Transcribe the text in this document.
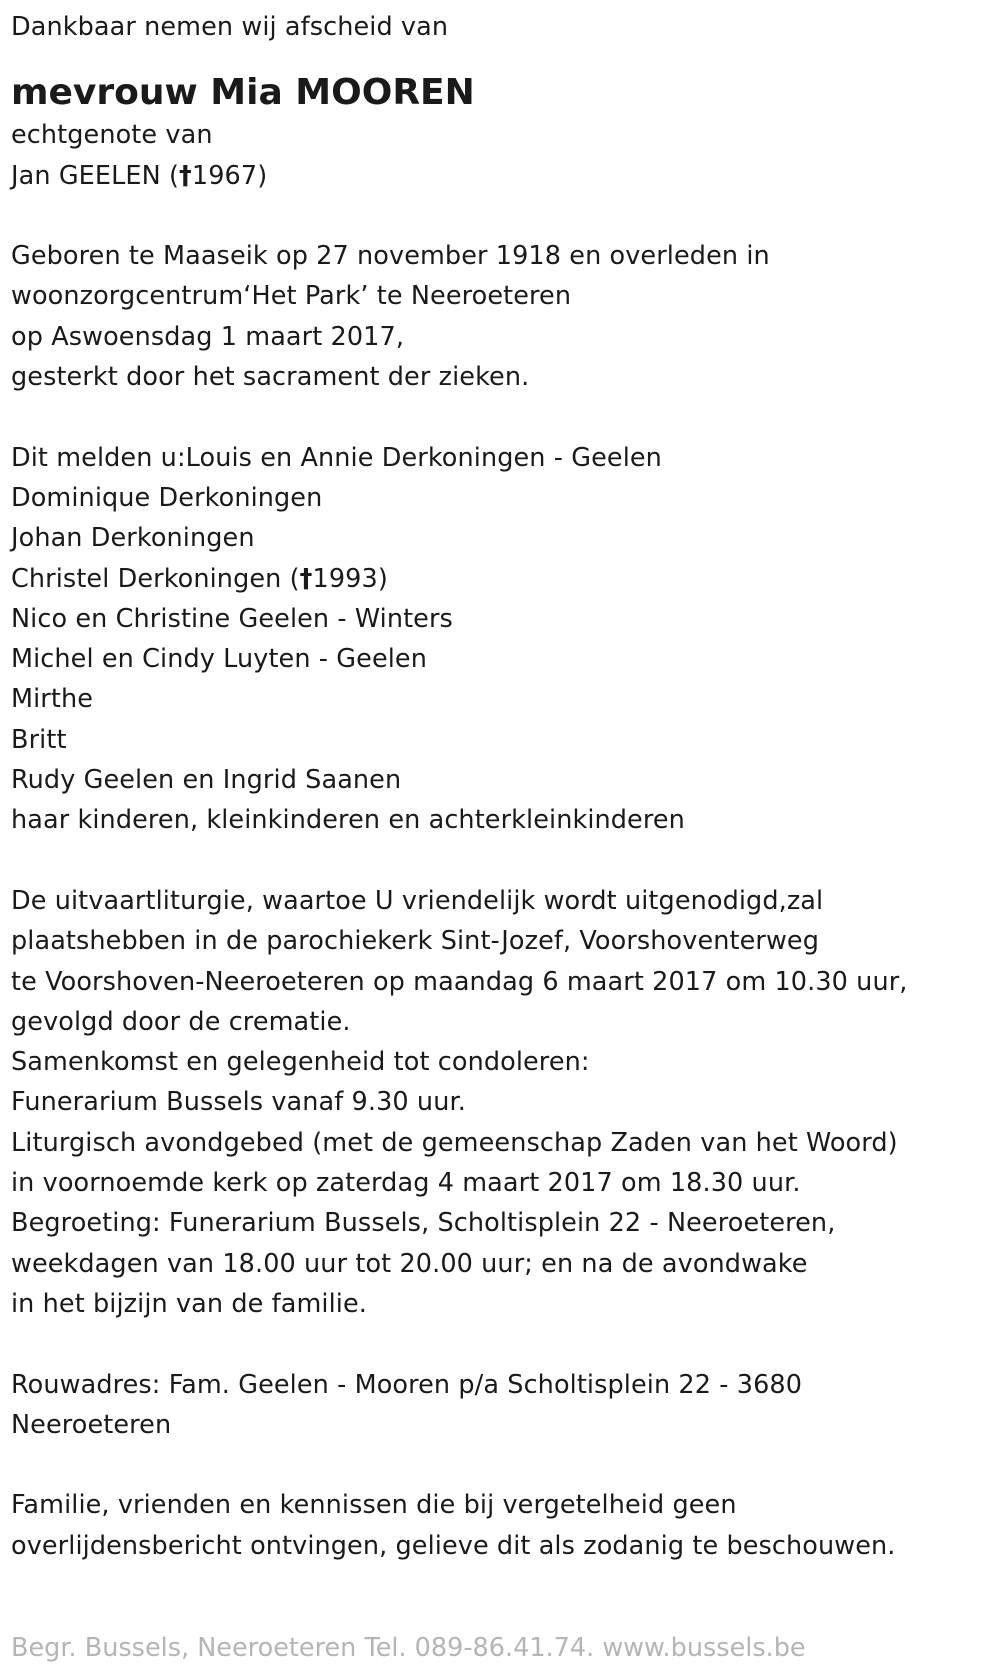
Dankbaar nemen wij afscheid van
mevrouw Mia MOOREN
echtgenote van
Jan GEELEN (†1967)
Geboren te Maaseik op 27 november 1918 en overleden in
woonzorgcentrum‘Het Park’ te Neeroeteren
op Aswoensdag 1 maart 2017,
gesterkt door het sacrament der zieken.
Dit melden u:Louis en Annie Derkoningen - Geelen
Dominique Derkoningen
Johan Derkoningen
Christel Derkoningen (†1993)
Nico en Christine Geelen - Winters
Michel en Cindy Luyten - Geelen
Mirthe
Britt
Rudy Geelen en Ingrid Saanen
haar kinderen, kleinkinderen en achterkleinkinderen
De uitvaartliturgie, waartoe U vriendelijk wordt uitgenodigd,zal
plaatshebben in de parochiekerk Sint-Jozef, Voorshoventerweg
te Voorshoven-Neeroeteren op maandag 6 maart 2017 om 10.30 uur,
gevolgd door de crematie.
Samenkomst en gelegenheid tot condoleren:
Funerarium Bussels vanaf 9.30 uur.
Liturgisch avondgebed (met de gemeenschap Zaden van het Woord)
in voornoemde kerk op zaterdag 4 maart 2017 om 18.30 uur.
Begroeting: Funerarium Bussels, Scholtisplein 22 - Neeroeteren,
weekdagen van 18.00 uur tot 20.00 uur; en na de avondwake
in het bijzijn van de familie.
Rouwadres: Fam. Geelen - Mooren p/a Scholtisplein 22 - 3680
Neeroeteren
Familie, vrienden en kennissen die bij vergetelheid geen
overlijdensbericht ontvingen, gelieve dit als zodanig te beschouwen.
Begr. Bussels, Neeroeteren Tel. 089-86.41.74. www.bussels.be
